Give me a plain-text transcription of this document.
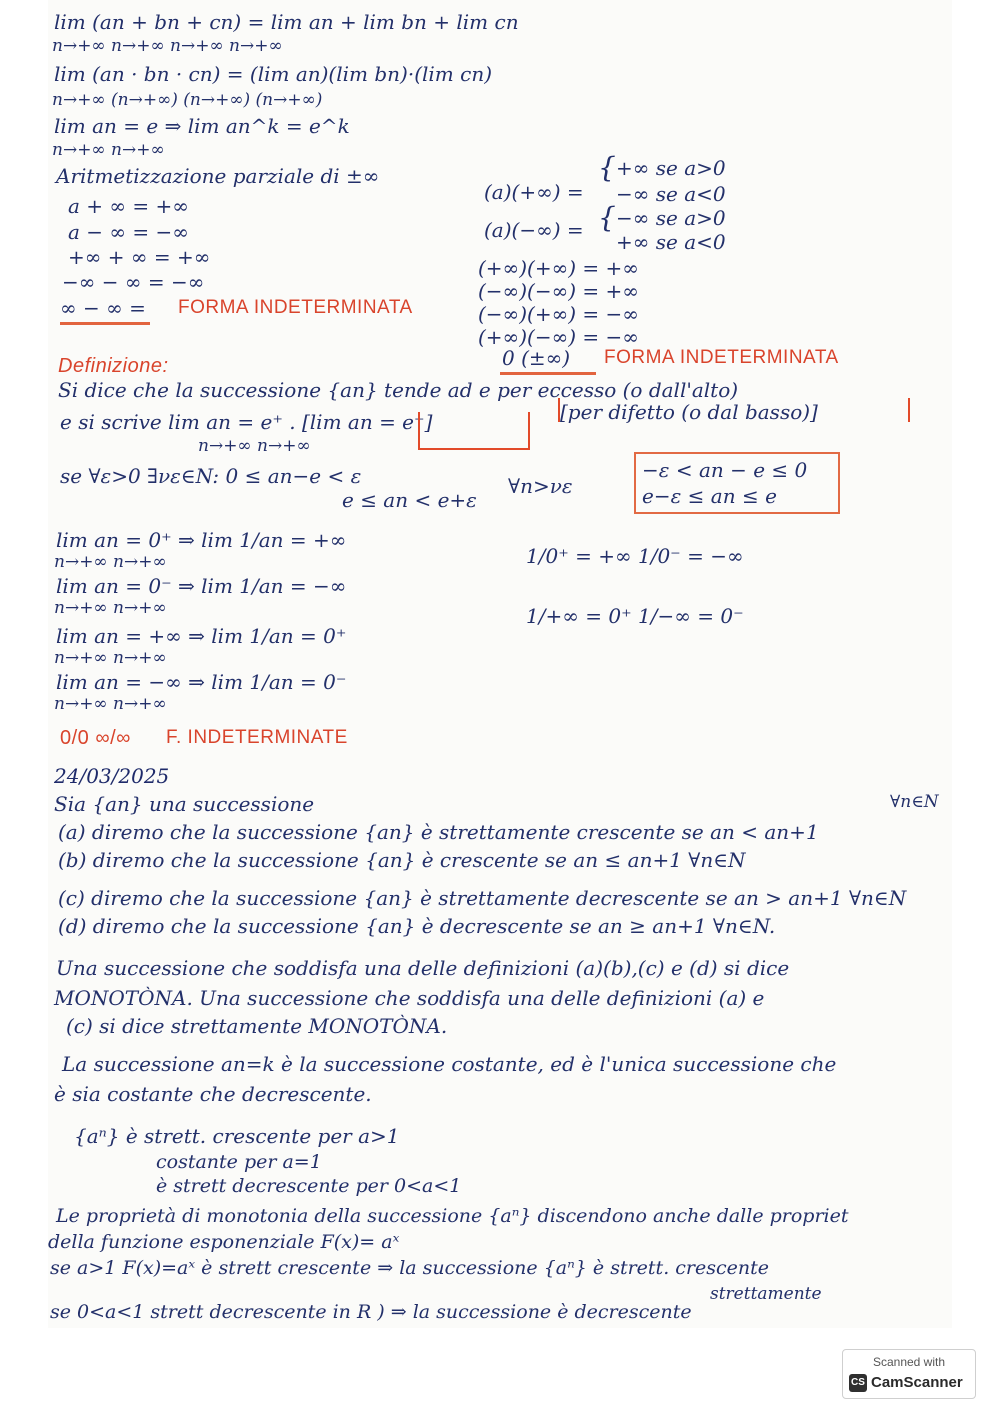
lim (an + bn + cn) = lim an + lim bn + lim cn
n→+∞ n→+∞ n→+∞ n→+∞
lim (an · bn · cn) = (lim an)(lim bn)·(lim cn)
n→+∞ (n→+∞) (n→+∞) (n→+∞)
lim an = e ⇒ lim an^k = e^k
n→+∞ n→+∞
Aritmetizzazione parziale di ±∞
a + ∞ = +∞
a − ∞ = −∞
+∞ + ∞ = +∞
−∞ − ∞ = −∞
∞ − ∞ = FORMA INDETERMINATA
(a)(+∞) =
{ +∞ se a>0
−∞ se a<0
(a)(−∞) = { −∞ se a>0
+∞ se a<0
(+∞)(+∞) = +∞
(−∞)(−∞) = +∞
(−∞)(+∞) = −∞
(+∞)(−∞) = −∞
0 (±∞) FORMA INDETERMINATA
Definizione:
Si dice che la successione {an} tende ad e per eccesso (o dall'alto)
e si scrive lim an = e⁺ . [lim an = e⁻]	[per difetto (o dal basso)]
n→+∞ n→+∞
se ∀ε>0 ∃νε∈N: 0 ≤ an−e < ε
e ≤ an < e+ε
∀n>νε
−ε < an − e ≤ 0
e−ε ≤ an ≤ e
lim an = 0⁺ ⇒ lim 1/an = +∞
n→+∞ n→+∞
lim an = 0⁻ ⇒ lim 1/an = −∞
n→+∞ n→+∞
lim an = +∞ ⇒ lim 1/an = 0⁺
n→+∞ n→+∞
lim an = −∞ ⇒ lim 1/an = 0⁻
n→+∞ n→+∞
1/0⁺ = +∞ 1/0⁻ = −∞
1/+∞ = 0⁺ 1/−∞ = 0⁻
0/0 ∞/∞ F. INDETERMINATE
24/03/2025
Sia {an} una successione	∀n∈N
(a) diremo che la successione {an} è strettamente crescente se an < an+1
(b) diremo che la successione {an} è crescente se an ≤ an+1 ∀n∈N
(c) diremo che la successione {an} è strettamente decrescente se an > an+1 ∀n∈N
(d) diremo che la successione {an} è decrescente se an ≥ an+1 ∀n∈N.
Una successione che soddisfa una delle definizioni (a)(b),(c) e (d) si dice
MONOTÒNA. Una successione che soddisfa una delle definizioni (a) e
(c) si dice strettamente MONOTÒNA.
La successione an=k è la successione costante, ed è l'unica successione che
è sia costante che decrescente.
{aⁿ} è strett. crescente per a>1
costante per a=1
è strett decrescente per 0<a<1
Le proprietà di monotonia della successione {aⁿ} discendono anche dalle propriet
della funzione esponenziale F(x)= aˣ
se a>1 F(x)=aˣ è strett crescente ⇒ la successione {aⁿ} è strett. crescente
strettamente
se 0<a<1 strett decrescente in R ) ⇒ la successione è decrescente
Scanned with
CS CamScanner
